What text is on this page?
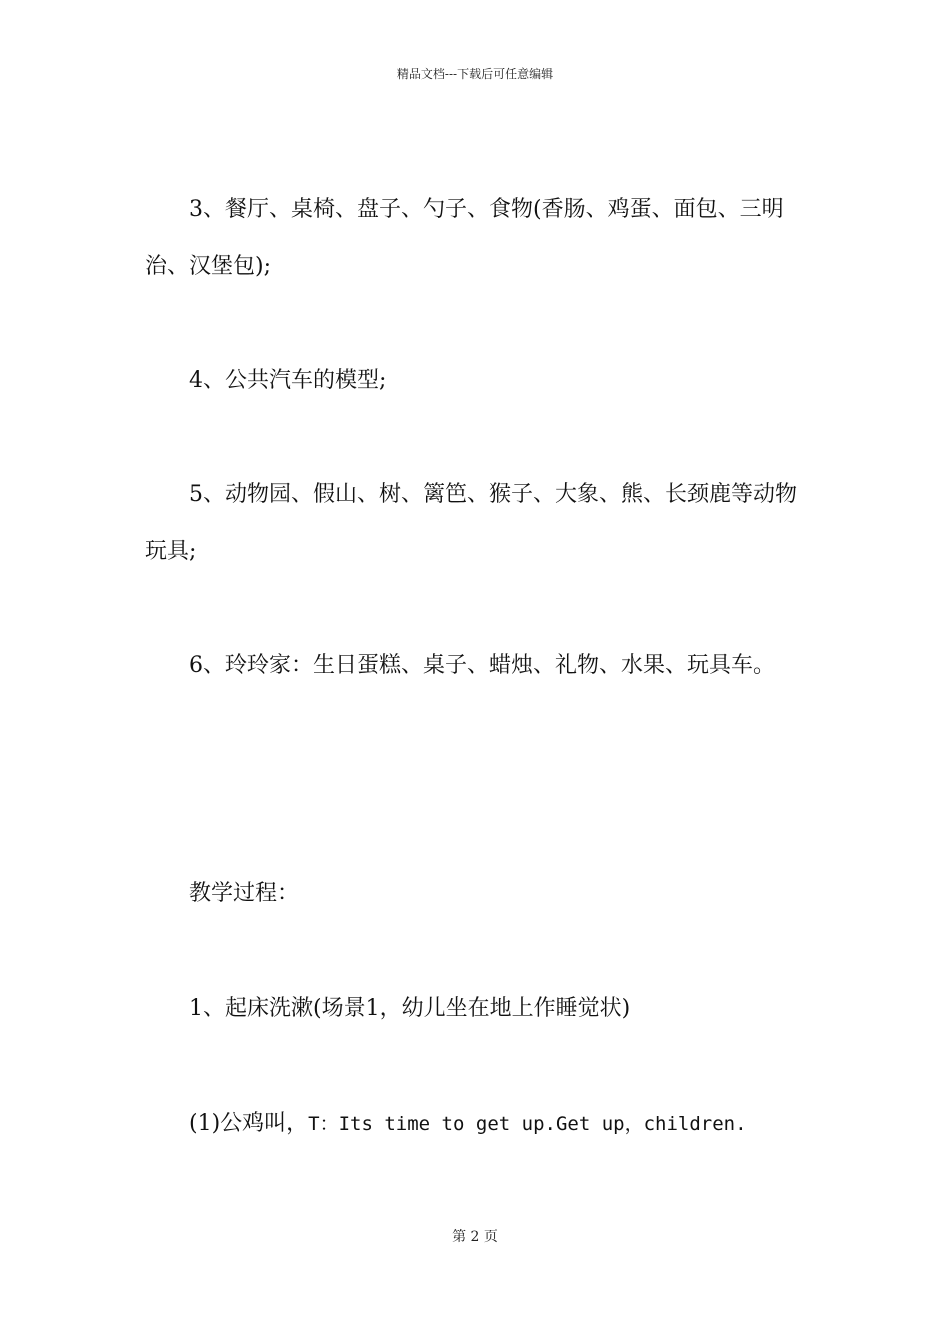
精品文档---下载后可任意编辑
3、餐厅、桌椅、盘子、勺子、食物(香肠、鸡蛋、面包、三明
治、汉堡包);
4、公共汽车的模型;
5、动物园、假山、树、篱笆、猴子、大象、熊、长颈鹿等动物
玩具;
6、玲玲家：生日蛋糕、桌子、蜡烛、礼物、水果、玩具车。
教学过程：
1、起床洗漱(场景1，幼儿坐在地上作睡觉状)
(1)公鸡叫，T：Its time to get up.Get up，children.
第 2 页
